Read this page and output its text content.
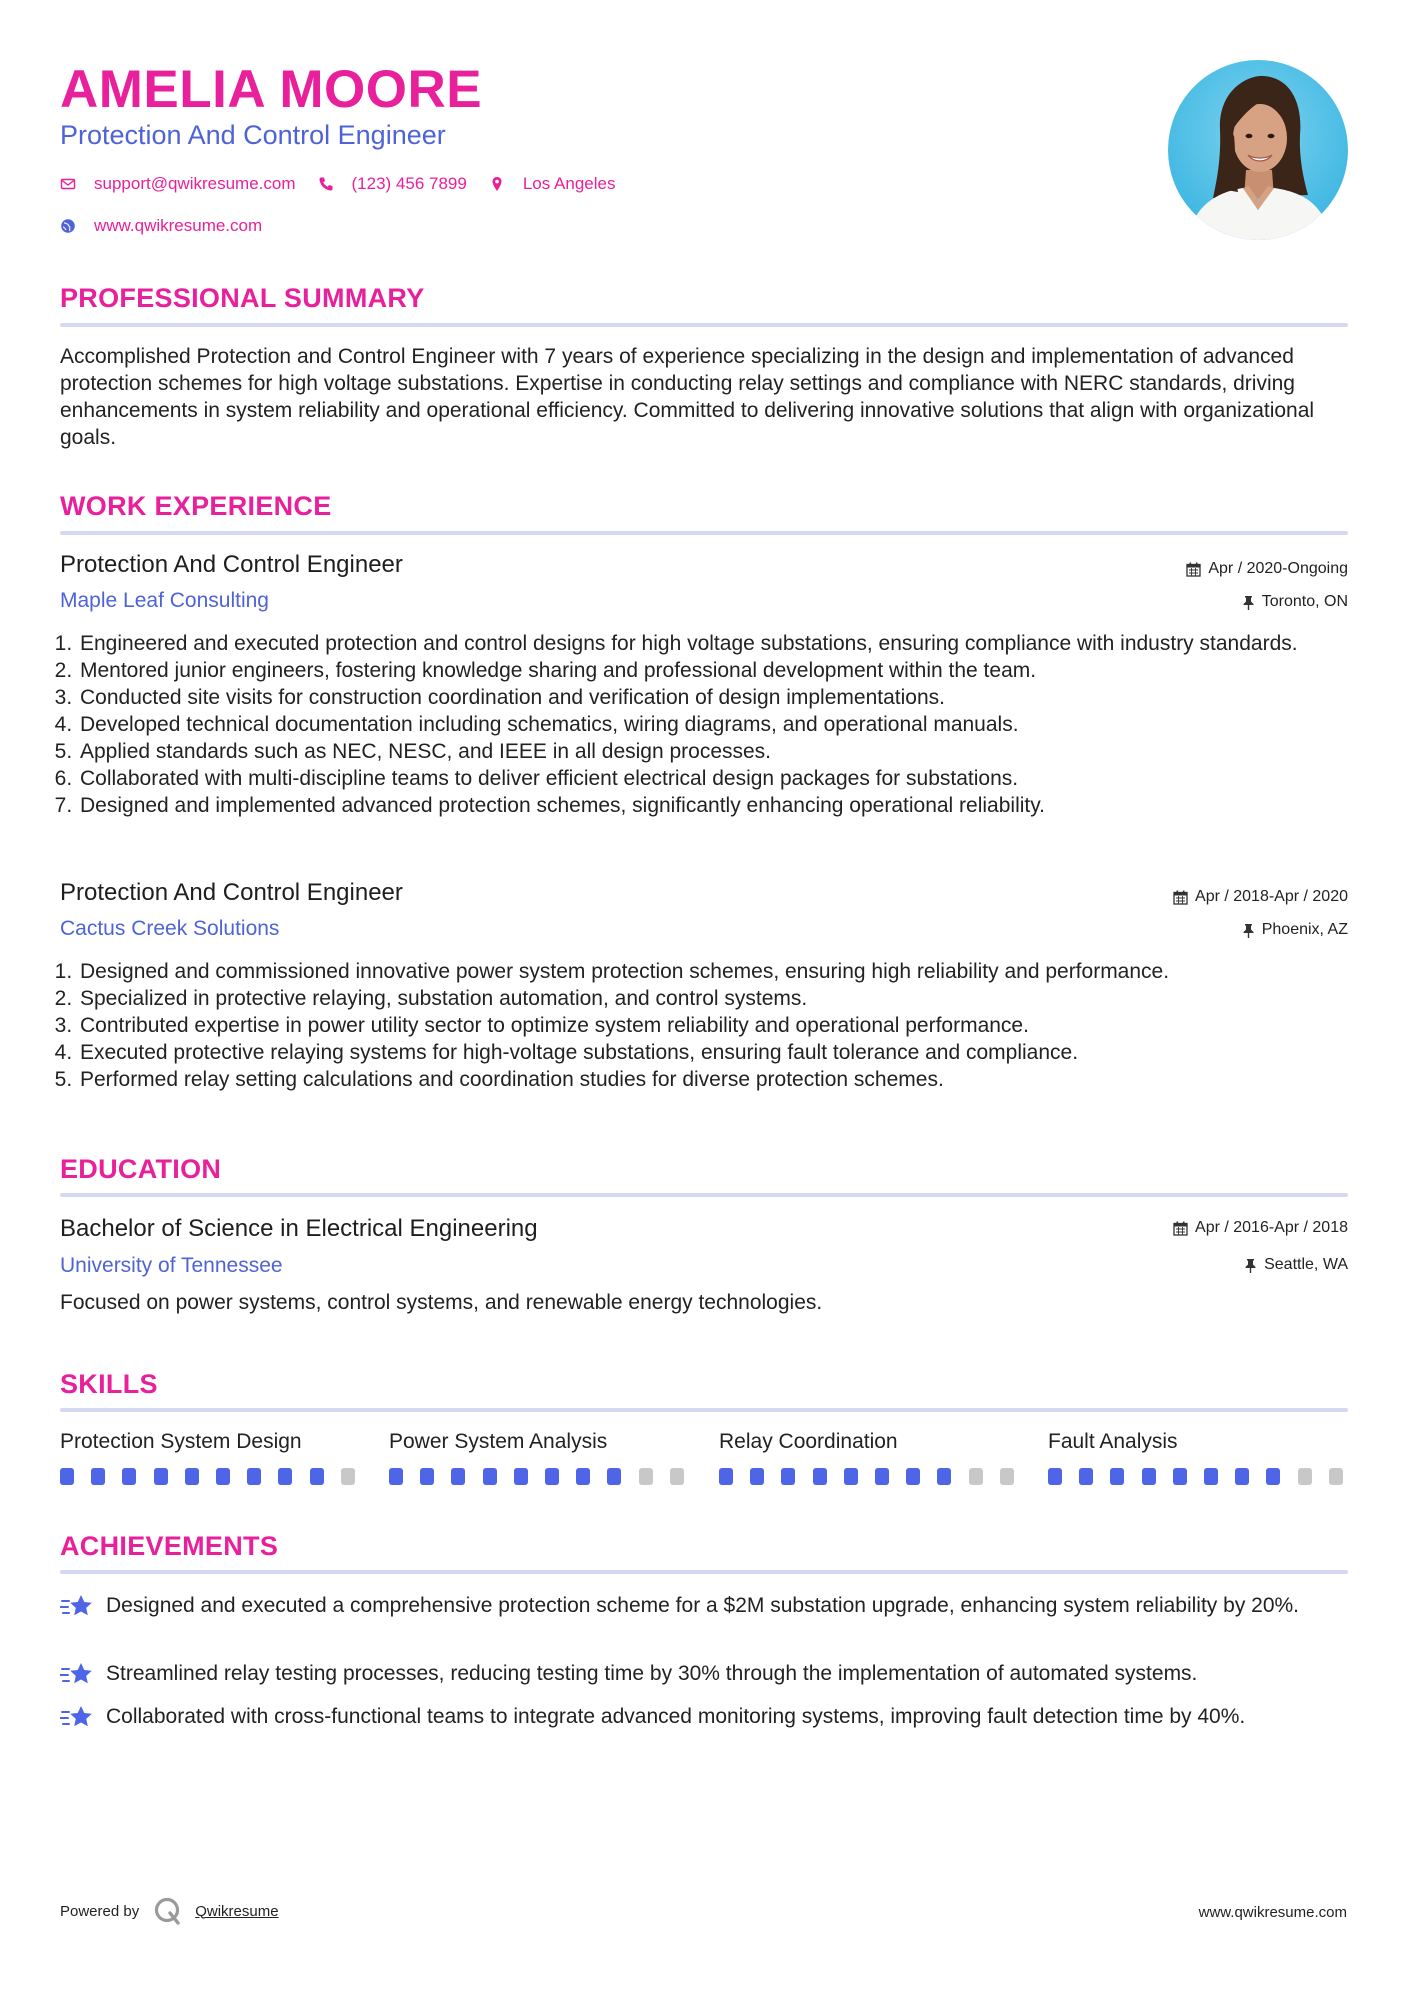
AMELIA MOORE
Protection And Control Engineer
support@qwikresume.com	(123) 456 7899	Los Angeles
www.qwikresume.com
PROFESSIONAL SUMMARY
Accomplished Protection and Control Engineer with 7 years of experience specializing in the design and implementation of advanced protection schemes for high voltage substations. Expertise in conducting relay settings and compliance with NERC standards, driving enhancements in system reliability and operational efficiency. Committed to delivering innovative solutions that align with organizational goals.
WORK EXPERIENCE
Protection And Control Engineer	Apr / 2020-Ongoing
Maple Leaf Consulting	Toronto, ON
1. Engineered and executed protection and control designs for high voltage substations, ensuring compliance with industry standards.
2. Mentored junior engineers, fostering knowledge sharing and professional development within the team.
3. Conducted site visits for construction coordination and verification of design implementations.
4. Developed technical documentation including schematics, wiring diagrams, and operational manuals.
5. Applied standards such as NEC, NESC, and IEEE in all design processes.
6. Collaborated with multi-discipline teams to deliver efficient electrical design packages for substations.
7. Designed and implemented advanced protection schemes, significantly enhancing operational reliability.
Protection And Control Engineer	Apr / 2018-Apr / 2020
Cactus Creek Solutions	Phoenix, AZ
1. Designed and commissioned innovative power system protection schemes, ensuring high reliability and performance.
2. Specialized in protective relaying, substation automation, and control systems.
3. Contributed expertise in power utility sector to optimize system reliability and operational performance.
4. Executed protective relaying systems for high-voltage substations, ensuring fault tolerance and compliance.
5. Performed relay setting calculations and coordination studies for diverse protection schemes.
EDUCATION
Bachelor of Science in Electrical Engineering	Apr / 2016-Apr / 2018
University of Tennessee	Seattle, WA
Focused on power systems, control systems, and renewable energy technologies.
SKILLS
Protection System Design	Power System Analysis	Relay Coordination	Fault Analysis
ACHIEVEMENTS
Designed and executed a comprehensive protection scheme for a $2M substation upgrade, enhancing system reliability by 20%.
Streamlined relay testing processes, reducing testing time by 30% through the implementation of automated systems.
Collaborated with cross-functional teams to integrate advanced monitoring systems, improving fault detection time by 40%.
Powered by	Qwikresume	www.qwikresume.com
